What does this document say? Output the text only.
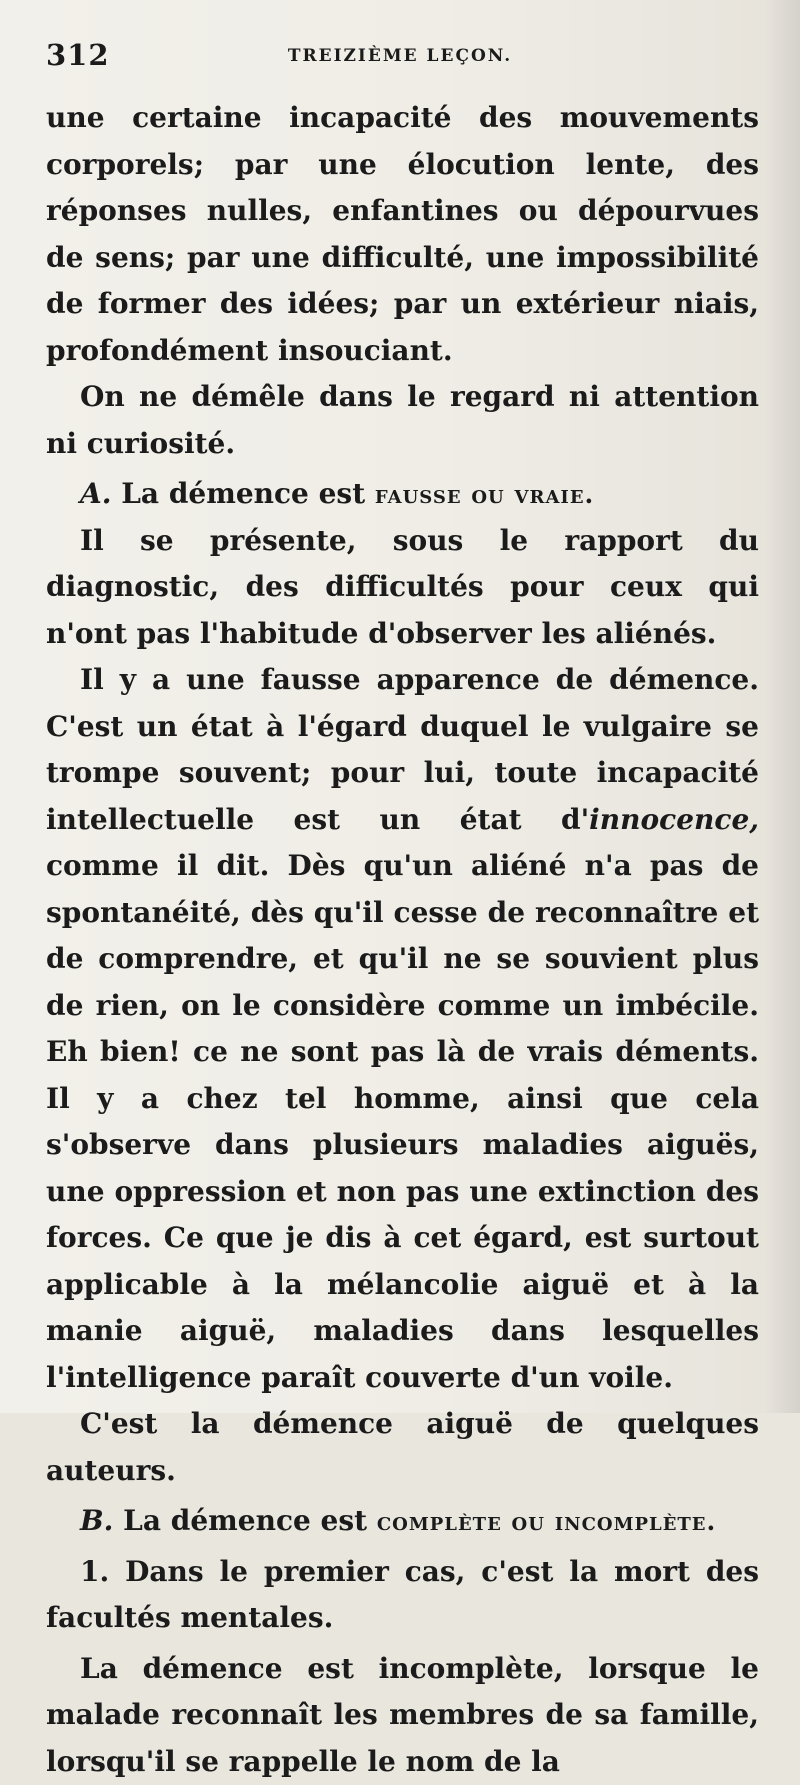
312	TREIZIÈME LEÇON.

une certaine incapacité des mouvements corporels; par une élocution lente, des réponses nulles, enfantines ou dépourvues de sens; par une difficulté, une impossibilité de former des idées; par un extérieur niais, profondément insouciant.

On ne démêle dans le regard ni attention ni curiosité.

A. La démence est fausse ou vraie.

Il se présente, sous le rapport du diagnostic, des difficultés pour ceux qui n'ont pas l'habitude d'observer les aliénés.

Il y a une fausse apparence de démence. C'est un état à l'égard duquel le vulgaire se trompe souvent; pour lui, toute incapacité intellectuelle est un état d'innocence, comme il dit. Dès qu'un aliéné n'a pas de spontanéité, dès qu'il cesse de reconnaître et de comprendre, et qu'il ne se souvient plus de rien, on le considère comme un imbécile. Eh bien! ce ne sont pas là de vrais déments. Il y a chez tel homme, ainsi que cela s'observe dans plusieurs maladies aiguës, une oppression et non pas une extinction des forces. Ce que je dis à cet égard, est surtout applicable à la mélancolie aiguë et à la manie aiguë, maladies dans lesquelles l'intelligence paraît couverte d'un voile.

C'est la démence aiguë de quelques auteurs.

B. La démence est complète ou incomplète.

1. Dans le premier cas, c'est la mort des facultés mentales.

La démence est incomplète, lorsque le malade reconnaît les membres de sa famille, lorsqu'il se rappelle le nom de la
